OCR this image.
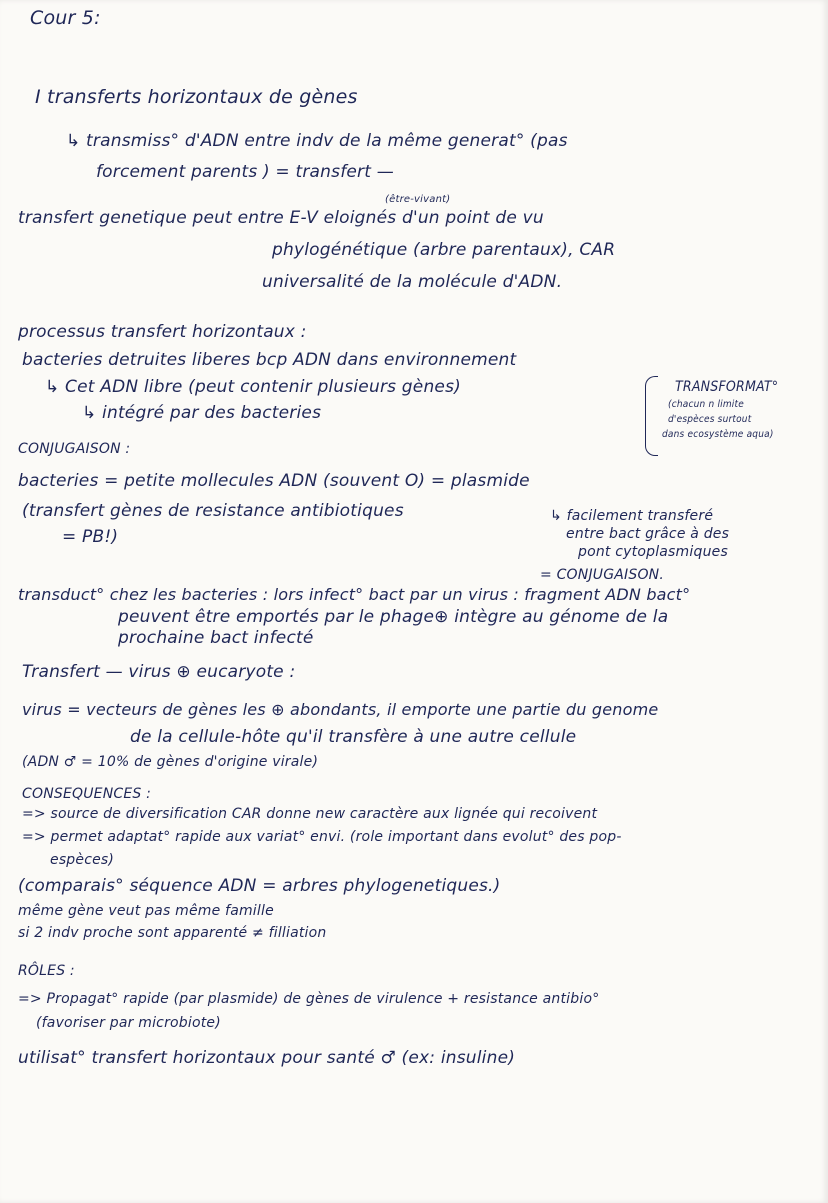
Cour 5:
I transferts horizontaux de gènes
↳ transmiss° d'ADN entre indv de la même generat° (pas
forcement parents ) = transfert —
(être-vivant)
transfert genetique peut entre E-V eloignés d'un point de vu
phylogénétique (arbre parentaux), CAR
universalité de la molécule d'ADN.
processus transfert horizontaux :
bacteries detruites liberes bcp ADN dans environnement
↳ Cet ADN libre (peut contenir plusieurs gènes)
↳ intégré par des bacteries
TRANSFORMAT°
(chacun n limite
d'espèces surtout
dans ecosystème aqua)
CONJUGAISON :
bacteries = petite mollecules ADN (souvent O) = plasmide
(transfert gènes de resistance antibiotiques
= PB!)
↳ facilement transferé
entre bact grâce à des
pont cytoplasmiques
= CONJUGAISON.
transduct° chez les bacteries : lors infect° bact par un virus : fragment ADN bact°
peuvent être emportés par le phage⊕ intègre au génome de la
prochaine bact infecté
Transfert — virus ⊕ eucaryote :
virus = vecteurs de gènes les ⊕ abondants, il emporte une partie du genome
de la cellule-hôte qu'il transfère à une autre cellule
(ADN ♂ = 10% de gènes d'origine virale)
CONSEQUENCES :
=> source de diversification CAR donne new caractère aux lignée qui recoivent
=> permet adaptat° rapide aux variat° envi. (role important dans evolut° des pop-
espèces)
(comparais° séquence ADN = arbres phylogenetiques.)
même gène veut pas même famille
si 2 indv proche sont apparenté ≠ filliation
RÔLES :
=> Propagat° rapide (par plasmide) de gènes de virulence + resistance antibio°
(favoriser par microbiote)
utilisat° transfert horizontaux pour santé ♂ (ex: insuline)
